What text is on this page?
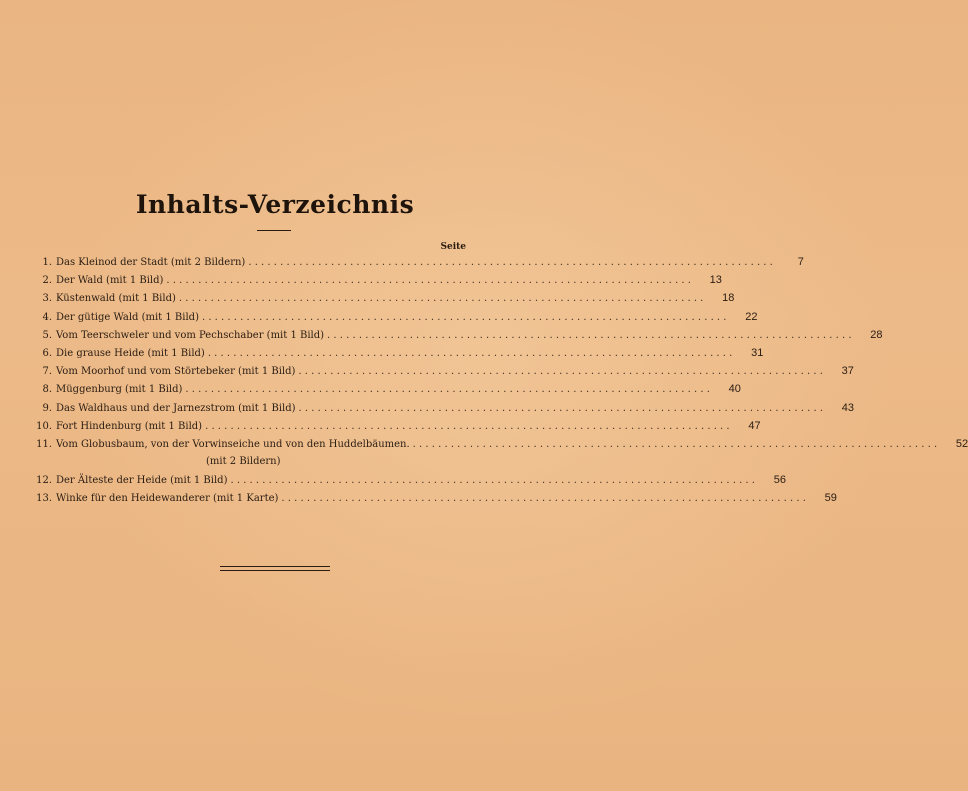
Inhalts-Verzeichnis
Seite
1. Das Kleinod der Stadt (mit 2 Bildern) . . .	7
2. Der Wald (mit 1 Bild) . . .	13
3. Küstenwald (mit 1 Bild) . . .	18
4. Der gütige Wald (mit 1 Bild) . . .	22
5. Vom Teerschweler und vom Pechschaber (mit 1 Bild) . . .	28
6. Die grause Heide (mit 1 Bild) . . .	31
7. Vom Moorhof und vom Störtebeker (mit 1 Bild) . . .	37
8. Müggenburg (mit 1 Bild) . . .	40
9. Das Waldhaus und der Jarnezstrom (mit 1 Bild) . . .	43
10. Fort Hindenburg (mit 1 Bild) . . .	47
11. Vom Globusbaum, von der Vorwinseiche und von den Huddelbäumen. . . .	52
(mit 2 Bildern)
12. Der Älteste der Heide (mit 1 Bild) . . .	56
13. Winke für den Heidewanderer (mit 1 Karte) . . .	59
